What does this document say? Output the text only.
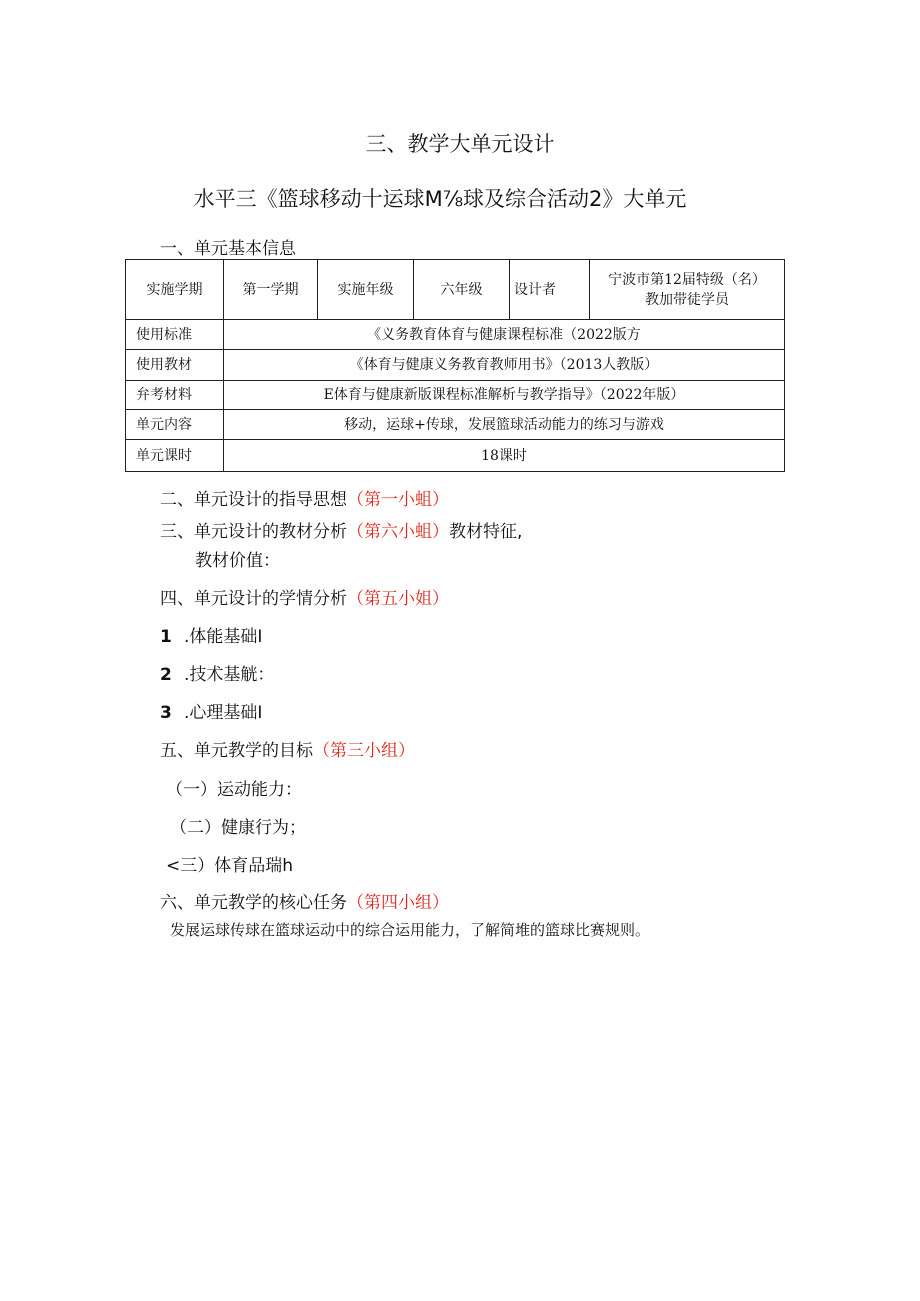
三、教学大单元设计
水平三《篮球移动十运球M⅞球及综合活动2》大单元
一、单元基本信息
实施学期	第一学期	实施年级	六年级	设计者	宁波市第12届特级（名）
教加带徒学员

使用标准	《义务教育体育与健康课程标准（2022版方				
使用教材	《体育与健康义务教育教师用书》（2013人教版）				
弁考材料	E体育与健康新版课程标准解析与教学指导》（2022年版）				
单元内容	移动，运球+传球，发展篮球活动能力的练习与游戏				
单元课时	18课时				
二、单元设计的指导思想（第一小蛆）
三、单元设计的教材分析（第六小蛆）教材特征,
教材价值：
四、单元设计的学情分析（第五小姐）
1 .体能基础I
2 .技术基觥：
3 .心理基础I
五、单元教学的目标（第三小组）
（一）运动能力：
（二）健康行为；
<三）体育品瑞h
六、单元教学的核心任务（第四小组）
发展运球传球在篮球运动中的综合运用能力，了解简堆的篮球比赛规则。
